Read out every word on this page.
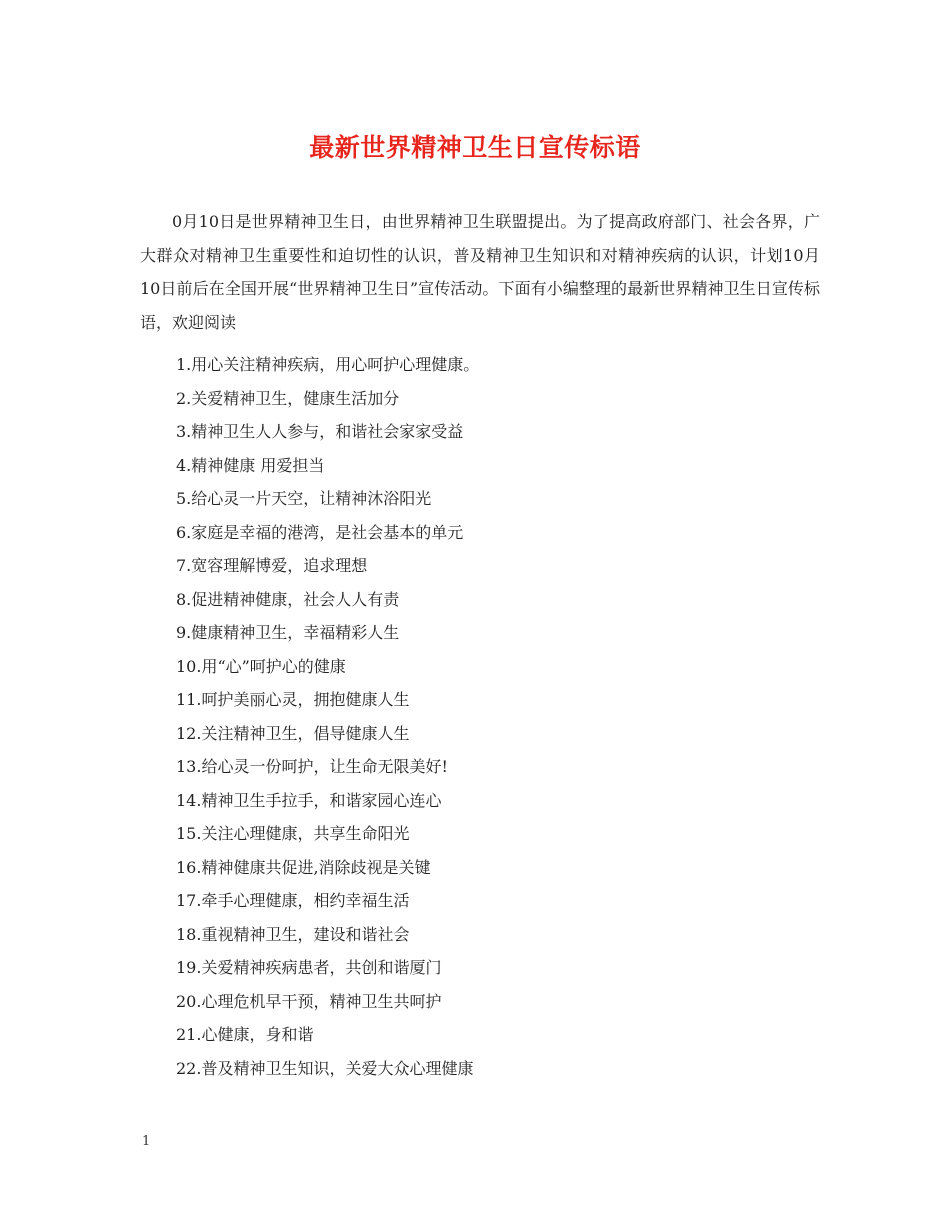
最新世界精神卫生日宣传标语

0月10日是世界精神卫生日，由世界精神卫生联盟提出。为了提高政府部门、社会各界，广大群众对精神卫生重要性和迫切性的认识，普及精神卫生知识和对精神疾病的认识，计划10月10日前后在全国开展“世界精神卫生日”宣传活动。下面有小编整理的最新世界精神卫生日宣传标语，欢迎阅读

1.用心关注精神疾病，用心呵护心理健康。
2.关爱精神卫生，健康生活加分
3.精神卫生人人参与，和谐社会家家受益
4.精神健康 用爱担当
5.给心灵一片天空，让精神沐浴阳光
6.家庭是幸福的港湾，是社会基本的单元
7.宽容理解博爱，追求理想
8.促进精神健康，社会人人有责
9.健康精神卫生，幸福精彩人生
10.用“心”呵护心的健康
11.呵护美丽心灵，拥抱健康人生
12.关注精神卫生，倡导健康人生
13.给心灵一份呵护，让生命无限美好!
14.精神卫生手拉手，和谐家园心连心
15.关注心理健康，共享生命阳光
16.精神健康共促进,消除歧视是关键
17.牵手心理健康，相约幸福生活
18.重视精神卫生，建设和谐社会
19.关爱精神疾病患者，共创和谐厦门
20.心理危机早干预，精神卫生共呵护
21.心健康，身和谐
22.普及精神卫生知识，关爱大众心理健康
1
